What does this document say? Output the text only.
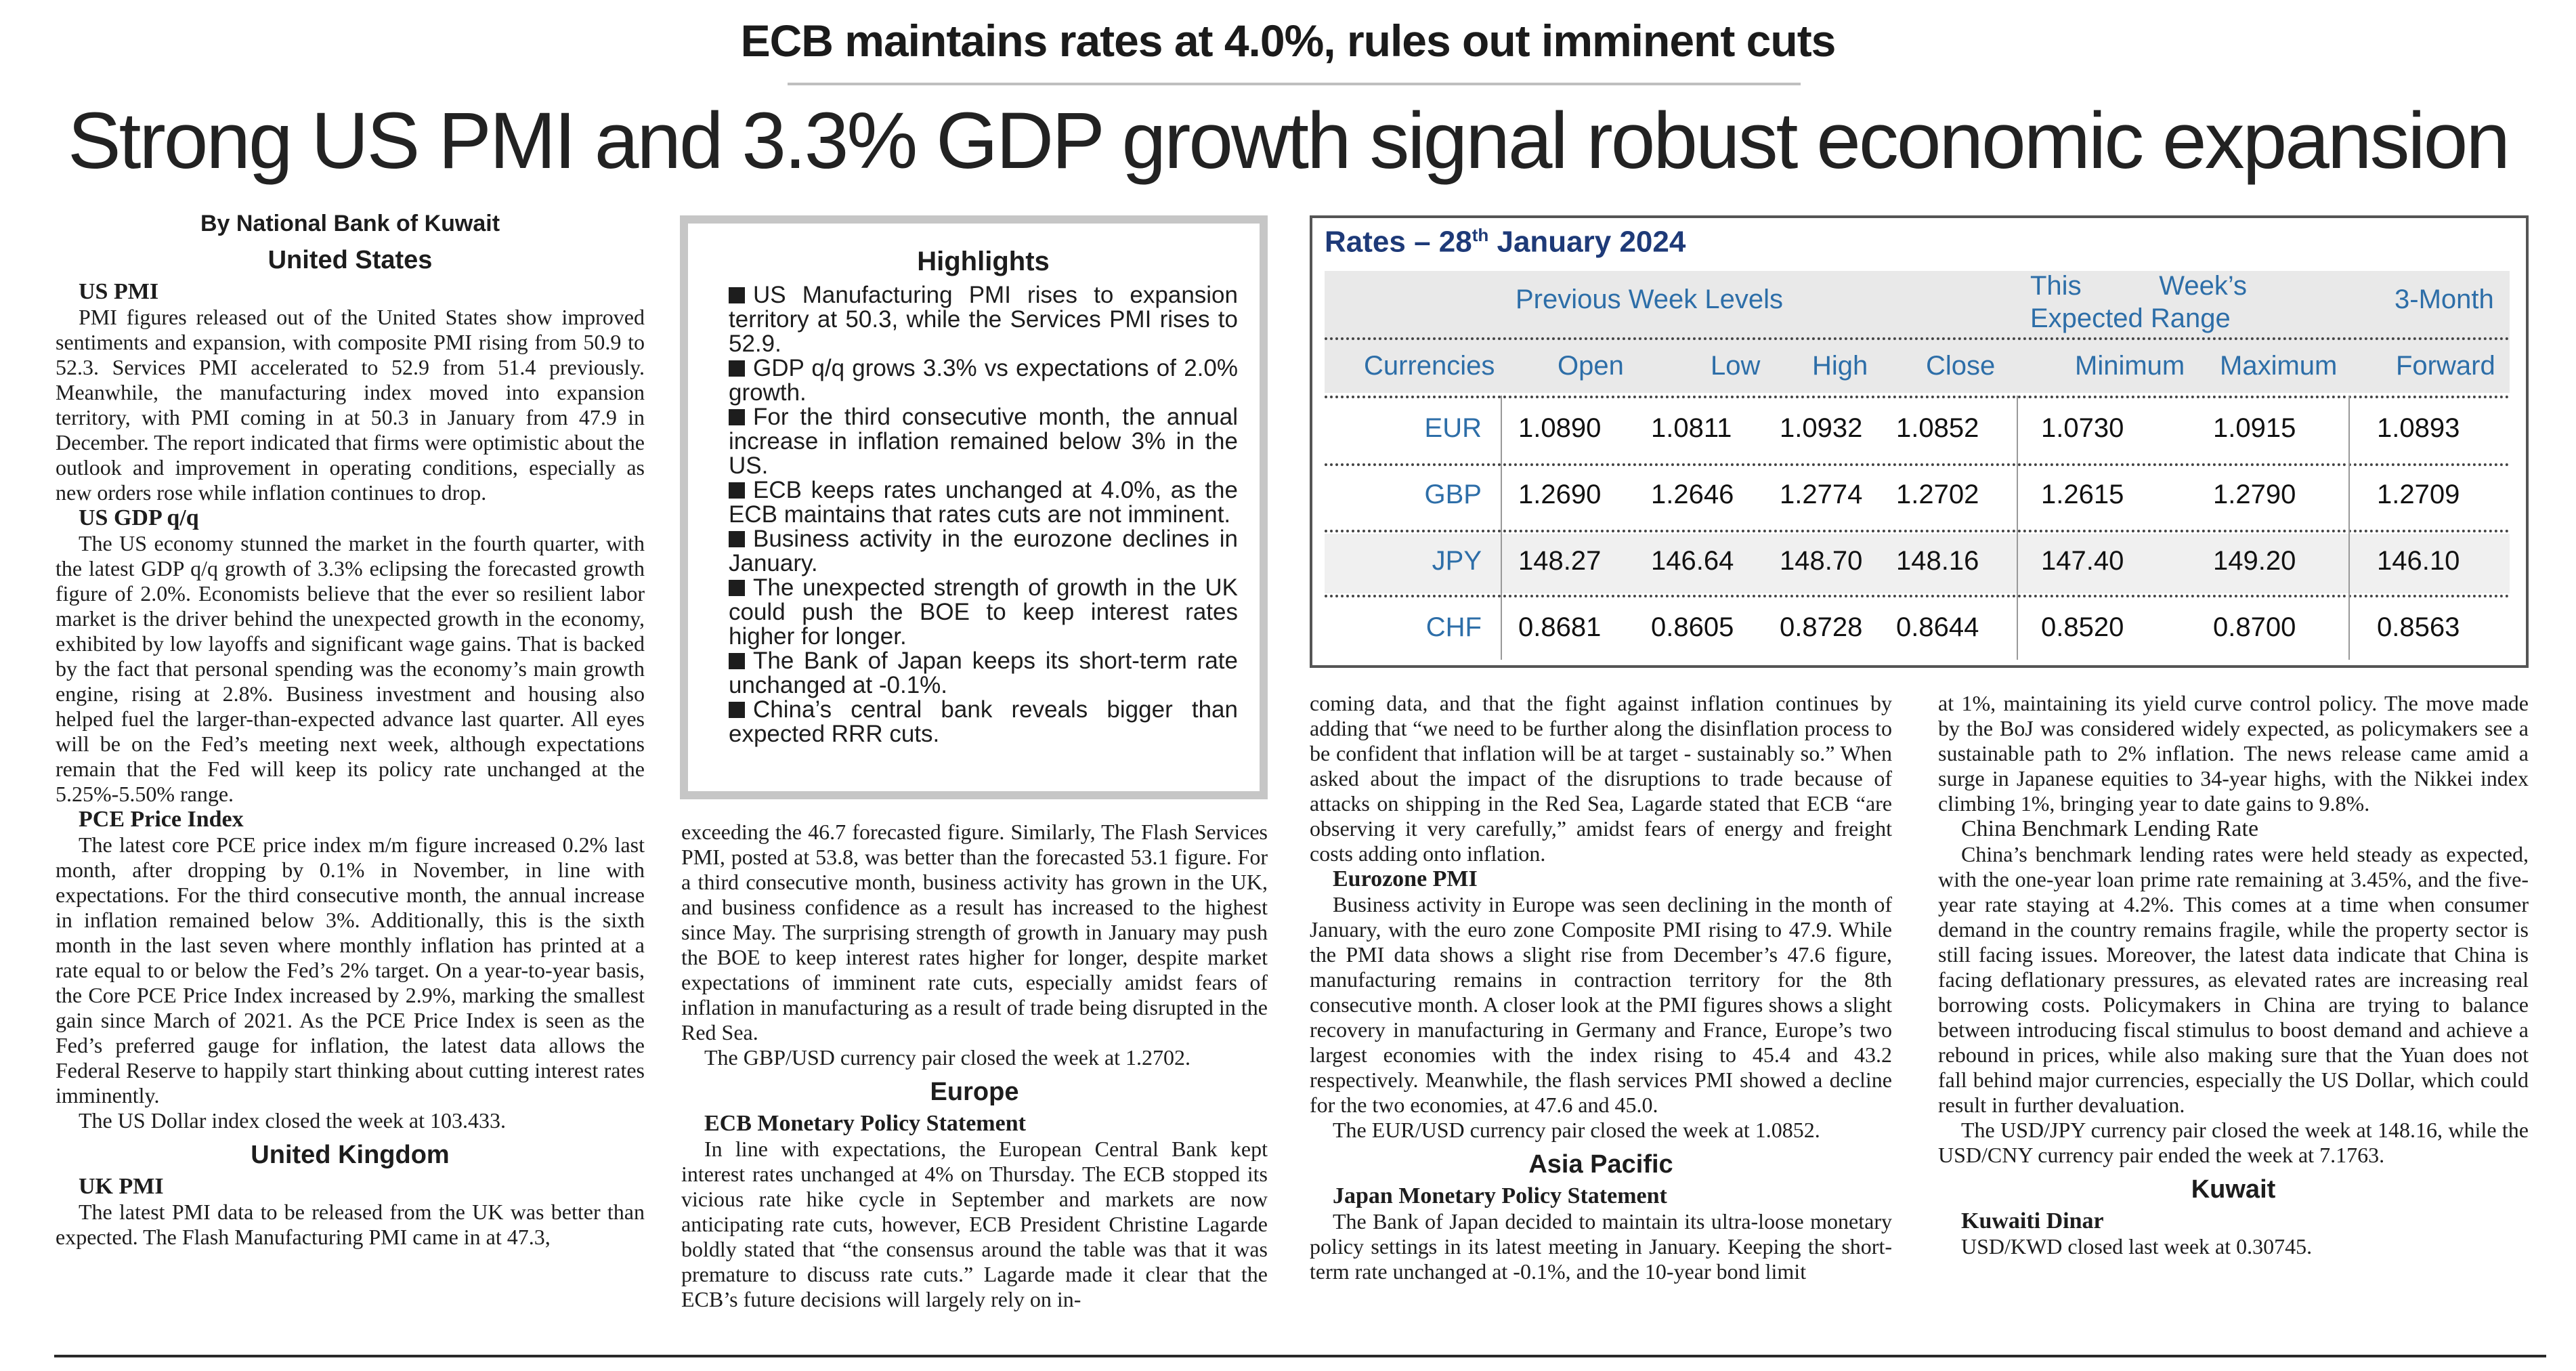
ECB maintains rates at 4.0%, rules out imminent cuts
Strong US PMI and 3.3% GDP growth signal robust economic expansion
By National Bank of Kuwait
United States
US PMI

PMI figures released out of the United States show improved sentiments and expansion, with composite PMI rising from 50.9 to 52.3. Services PMI accelerated to 52.9 from 51.4 previously. Meanwhile, the manufacturing index moved into expansion territory, with PMI coming in at 50.3 in January from 47.9 in December. The report indicated that firms were optimistic about the outlook and improvement in operating conditions, especially as new orders rose while inflation continues to drop.

US GDP q/q

The US economy stunned the market in the fourth quarter, with the latest GDP q/q growth of 3.3% eclipsing the forecasted growth figure of 2.0%. Economists believe that the ever so resilient labor market is the driver behind the unexpected growth in the economy, exhibited by low layoffs and significant wage gains. That is backed by the fact that personal spending was the economy’s main growth engine, rising at 2.8%. Business investment and housing also helped fuel the larger-than-expected advance last quarter. All eyes will be on the Fed’s meeting next week, although expectations remain that the Fed will keep its policy rate unchanged at the 5.25%-5.50% range.

PCE Price Index

The latest core PCE price index m/m figure increased 0.2% last month, after dropping by 0.1% in November, in line with expectations. For the third consecutive month, the annual increase in inflation remained below 3%. Additionally, this is the sixth month in the last seven where monthly inflation has printed at a rate equal to or below the Fed’s 2% target. On a year-to-year basis, the Core PCE Price Index increased by 2.9%, marking the smallest gain since March of 2021. As the PCE Price Index is seen as the Fed’s preferred gauge for inflation, the latest data allows the Federal Reserve to happily start thinking about cutting interest rates imminently.

The US Dollar index closed the week at 103.433.

United Kingdom
UK PMI

The latest PMI data to be released from the UK was better than expected. The Flash Manufacturing PMI came in at 47.3,

Highlights

US Manufacturing PMI rises to expansion territory at 50.3, while the Services PMI rises to 52.9.

GDP q/q grows 3.3% vs expectations of 2.0% growth.

For the third consecutive month, the annual increase in inflation remained below 3% in the US.

ECB keeps rates unchanged at 4.0%, as the ECB maintains that rates cuts are not imminent.

Business activity in the eurozone declines in January.

The unexpected strength of growth in the UK could push the BOE to keep interest rates higher for longer.

The Bank of Japan keeps its short-term rate unchanged at -0.1%.

China’s central bank reveals bigger than expected RRR cuts.

exceeding the 46.7 forecasted figure. Similarly, The Flash Services PMI, posted at 53.8, was better than the forecasted 53.1 figure. For a third consecutive month, business activity has grown in the UK, and business confidence as a result has increased to the highest since May. The surprising strength of growth in January may push the BOE to keep interest rates higher for longer, despite market expectations of imminent rate cuts, especially amidst fears of inflation in manufacturing as a result of trade being disrupted in the Red Sea.

The GBP/USD currency pair closed the week at 1.2702.

Europe
ECB Monetary Policy Statement

In line with expectations, the European Central Bank kept interest rates unchanged at 4% on Thursday. The ECB stopped its vicious rate hike cycle in September and markets are now anticipating rate cuts, however, ECB President Christine Lagarde boldly stated that “the consensus around the table was that it was premature to discuss rate cuts.” Lagarde made it clear that the ECB’s future decisions will largely rely on in-

Rates – 28th January 2024
Previous Week Levels	This Week’s Expected Range
3-Month
Currencies Open	Low High Close	Minimum Maximum Forward
EUR 1.0890 1.0811 1.0932 1.0852 1.0730	1.0915	1.0893
GBP 1.2690 1.2646 1.2774 1.2702 1.2615	1.2790	1.2709
JPY 148.27 146.64 148.70 148.16 147.40	149.20	146.10
CHF 0.8681 0.8605 0.8728 0.8644 0.8520	0.8700	0.8563

coming data, and that the fight against inflation continues by adding that “we need to be further along the disinflation process to be confident that inflation will be at target - sustainably so.” When asked about the impact of the disruptions to trade because of attacks on shipping in the Red Sea, Lagarde stated that ECB “are observing it very carefully,” amidst fears of energy and freight costs adding onto inflation.

Eurozone PMI

Business activity in Europe was seen declining in the month of January, with the euro zone Composite PMI rising to 47.9. While the PMI data shows a slight rise from December’s 47.6 figure, manufacturing remains in contraction territory for the 8th consecutive month. A closer look at the PMI figures shows a slight recovery in manufacturing in Germany and France, Europe’s two largest economies with the index rising to 45.4 and 43.2 respectively. Meanwhile, the flash services PMI showed a decline for the two economies, at 47.6 and 45.0.

The EUR/USD currency pair closed the week at 1.0852.

Asia Pacific
Japan Monetary Policy Statement

The Bank of Japan decided to maintain its ultra-loose monetary policy settings in its latest meeting in January. Keeping the short-term rate unchanged at -0.1%, and the 10-year bond limit

at 1%, maintaining its yield curve control policy. The move made by the BoJ was considered widely expected, as policymakers see a sustainable path to 2% inflation. The news release came amid a surge in Japanese equities to 34-year highs, with the Nikkei index climbing 1%, bringing year to date gains to 9.8%.

China Benchmark Lending Rate

China’s benchmark lending rates were held steady as expected, with the one-year loan prime rate remaining at 3.45%, and the five-year rate staying at 4.2%. This comes at a time when consumer demand in the country remains fragile, while the property sector is still facing issues. Moreover, the latest data indicate that China is facing deflationary pressures, as elevated rates are increasing real borrowing costs. Policymakers in China are trying to balance between introducing fiscal stimulus to boost demand and achieve a rebound in prices, while also making sure that the Yuan does not fall behind major currencies, especially the US Dollar, which could result in further devaluation.

The USD/JPY currency pair closed the week at 148.16, while the USD/CNY currency pair ended the week at 7.1763.

Kuwait
Kuwaiti Dinar

USD/KWD closed last week at 0.30745.
